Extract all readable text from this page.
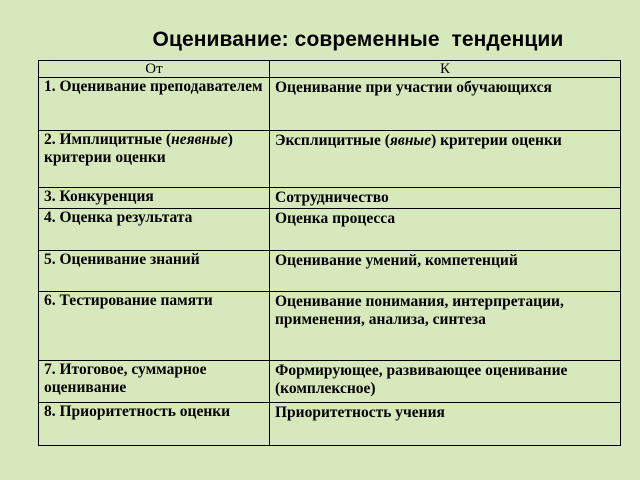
Оценивание: современные  тенденции
От	К
1. Оценивание преподавателем	Оценивание при участии обучающихся
2. Имплицитные (неявные) критерии оценки	Эксплицитные (явные) критерии оценки
3. Конкуренция	Сотрудничество
4. Оценка результата	Оценка процесса
5. Оценивание знаний	Оценивание умений, компетенций
6. Тестирование памяти	Оценивание понимания, интерпретации, применения, анализа, синтеза
7. Итоговое, суммарное оценивание	Формирующее, развивающее оценивание (комплексное)
8. Приоритетность оценки	Приоритетность учения
